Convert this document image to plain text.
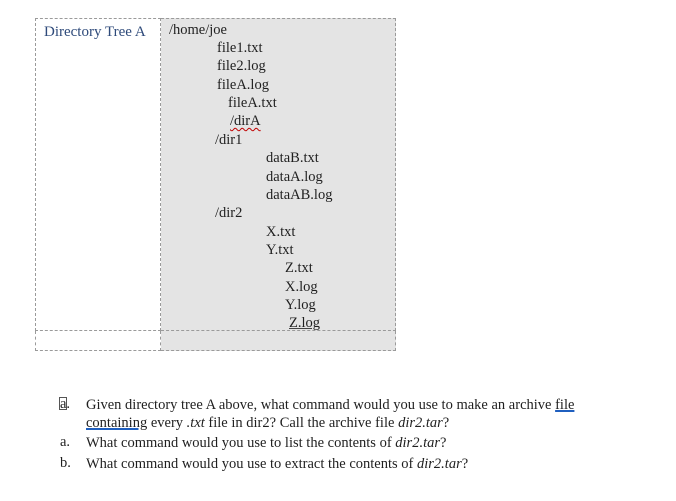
Directory Tree A /home/joe
file1.txt
file2.log
fileA.log
fileA.txt
/dirA
/dir1
dataB.txt
dataA.log
dataAB.log
/dir2
X.txt
Y.txt
Z.txt
X.log
Y.log
Z.log
a. Given directory tree A above, what command would you use to make an archive file
containing every .txt file in dir2? Call the archive file dir2.tar?
a. What command would you use to list the contents of dir2.tar?
b. What command would you use to extract the contents of dir2.tar?
